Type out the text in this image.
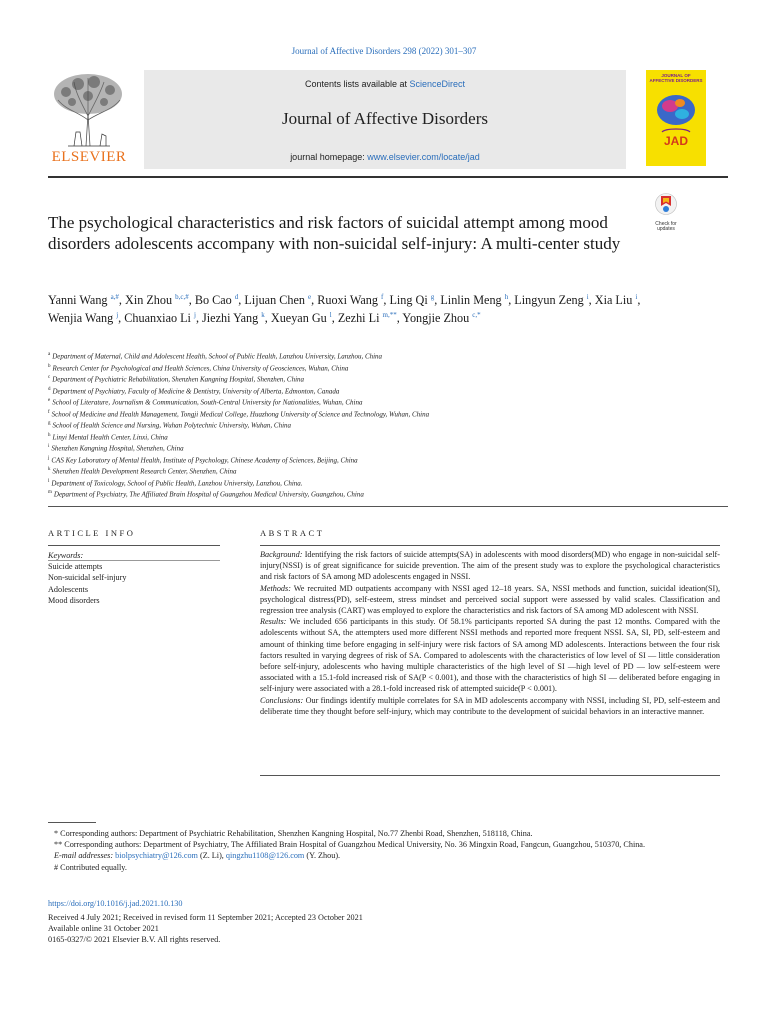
Journal of Affective Disorders 298 (2022) 301–307
ELSEVIER
Contents lists available at ScienceDirect
Journal of Affective Disorders
journal homepage: www.elsevier.com/locate/jad
JOURNAL OF AFFECTIVE DISORDERS
JAD
Check for
updates
The psychological characteristics and risk factors of suicidal attempt among mood disorders adolescents accompany with non-suicidal self-injury: A multi-center study
Yanni Wang $^{a,\#}$, Xin Zhou $^{b,c,\#}$, Bo Cao $^d$, Lijuan Chen $^e$, Ruoxi Wang $^f$, Ling Qi $^g$, Linlin Meng $^h$, Lingyun Zeng $^i$, Xia Liu $^i$, Wenjia Wang $^j$, Chuanxiao Li $^j$, Jiezhi Yang $^k$, Xueyan Gu $^l$, Zezhi Li $^{m,**}$, Yongjie Zhou $^{c,*}$
$^a$ Department of Maternal, Child and Adolescent Health, School of Public Health, Lanzhou University, Lanzhou, China
$^b$ Research Center for Psychological and Health Sciences, China University of Geosciences, Wuhan, China
$^c$ Department of Psychiatric Rehabilitation, Shenzhen Kangning Hospital, Shenzhen, China
$^d$ Department of Psychiatry, Faculty of Medicine & Dentistry, University of Alberta, Edmonton, Canada
$^e$ School of Literature, Journalism & Communication, South-Central University for Nationalities, Wuhan, China
$^f$ School of Medicine and Health Management, Tongji Medical College, Huazhong University of Science and Technology, Wuhan, China
$^g$ School of Health Science and Nursing, Wuhan Polytechnic University, Wuhan, China
$^h$ Linyi Mental Health Center, Linxi, China
$^i$ Shenzhen Kangning Hospital, Shenzhen, China
$^j$ CAS Key Laboratory of Mental Health, Institute of Psychology, Chinese Academy of Sciences, Beijing, China
$^k$ Shenzhen Health Development Research Center, Shenzhen, China
$^l$ Department of Toxicology, School of Public Health, Lanzhou University, Lanzhou, China.
$^m$ Department of Psychiatry, The Affiliated Brain Hospital of Guangzhou Medical University, Guangzhou, China
ARTICLE INFO	ABSTRACT
Keywords:
Suicide attempts
Non-suicidal self-injury
Adolescents
Mood disorders

Background: Identifying the risk factors of suicide attempts(SA) in adolescents with mood disorders(MD) who engage in non-suicidal self-injury(NSSI) is of great significance for suicide prevention. The aim of the present study was to explore the psychological characteristics and risk factors of SA among MD adolescents engaged in NSSI.

Methods: We recruited MD outpatients accompany with NSSI aged 12–18 years. SA, NSSI methods and function, suicidal ideation(SI), psychological distress(PD), self-esteem, stress mindset and perceived social support were assessed by valid scales. Classification and regression tree analysis (CART) was employed to explore the characteristics and risk factors of SA among MD adolescent with NSSI.

Results: We included 656 participants in this study. Of 58.1% participants reported SA during the past 12 months. Compared with the adolescents without SA, the attempters used more different NSSI methods and reported more frequent NSSI. SA, SI, PD, self-esteem and amount of thinking time before engaging in self-injury were risk factors of SA among MD adolescents. Interactions between the four risk factors resulted in varying degrees of risk of SA. Compared to adolescents with the characteristics of low level of SI — little consideration before self-injury, adolescents who having multiple characteristics of the high level of SI —high level of PD — low self-esteem were associated with a 15.1-fold increased risk of SA(P < 0.001), and those with the characteristics of high SI — deliberated before engaging in self-injury were associated with a 28.1-fold increased risk of attempted suicide(P < 0.001).

Conclusions: Our findings identify multiple correlates for SA in MD adolescents accompany with NSSI, including SI, PD, self-esteem and deliberate time they thought before self-injury, which may contribute to the development of suicidal behaviors in an interactive manner.

* Corresponding authors: Department of Psychiatric Rehabilitation, Shenzhen Kangning Hospital, No.77 Zhenbi Road, Shenzhen, 518118, China.

** Corresponding authors: Department of Psychiatry, The Affiliated Brain Hospital of Guangzhou Medical University, No. 36 Mingxin Road, Fangcun, Guangzhou, 510370, China.

E-mail addresses: biolpsychiatry@126.com (Z. Li), qingzhu1108@126.com (Y. Zhou).

# Contributed equally.

https://doi.org/10.1016/j.jad.2021.10.130
Received 4 July 2021; Received in revised form 11 September 2021; Accepted 23 October 2021
Available online 31 October 2021
0165-0327/© 2021 Elsevier B.V. All rights reserved.
